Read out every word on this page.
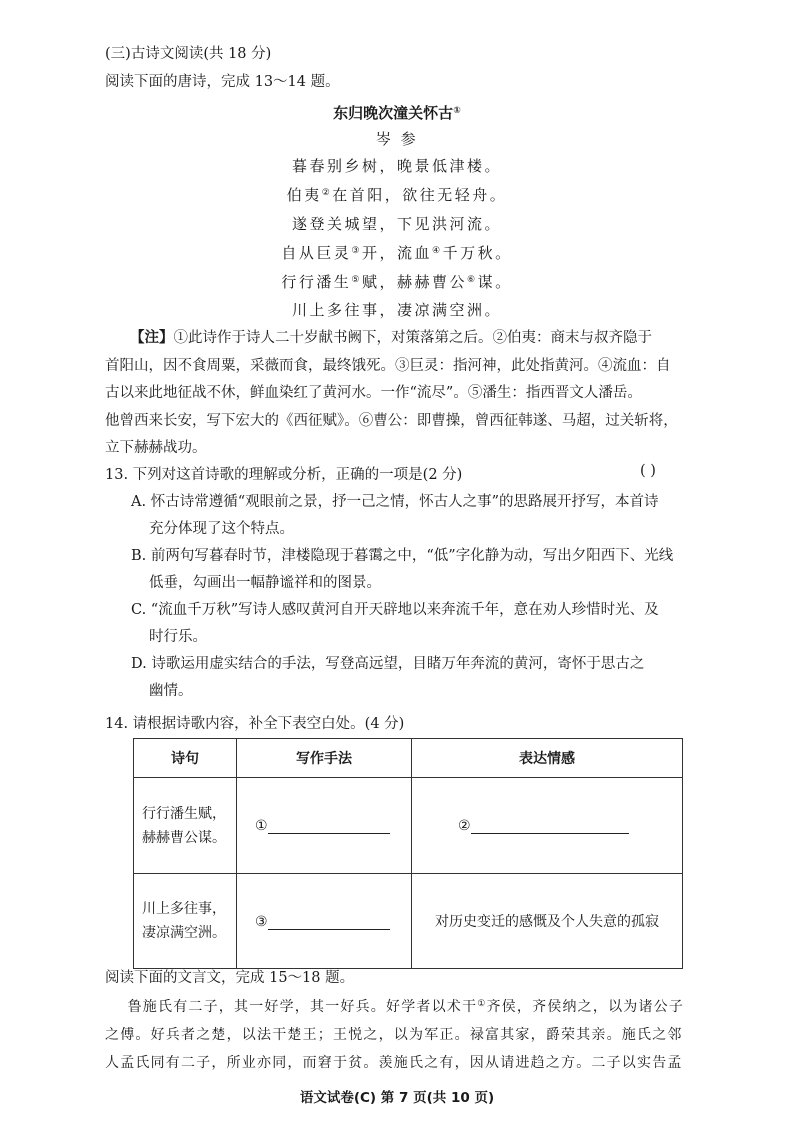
(三)古诗文阅读(共 18 分)
阅读下面的唐诗，完成 13～14 题。
东归晚次潼关怀古①
岑 参
暮春别乡树，晚景低津楼。
伯夷②在首阳，欲往无轻舟。
遂登关城望，下见洪河流。
自从巨灵③开，流血④千万秋。
行行潘生⑤赋，赫赫曹公⑥谋。
川上多往事，凄凉满空洲。
【注】①此诗作于诗人二十岁献书阙下，对策落第之后。②伯夷：商末与叔齐隐于
首阳山，因不食周粟，采薇而食，最终饿死。③巨灵：指河神，此处指黄河。④流血：自
古以来此地征战不休，鲜血染红了黄河水。一作“流尽”。⑤潘生：指西晋文人潘岳。
他曾西来长安，写下宏大的《西征赋》。⑥曹公：即曹操，曾西征韩遂、马超，过关斩将，
立下赫赫战功。
13. 下列对这首诗歌的理解或分析，正确的一项是(2 分)	( )
A. 怀古诗常遵循“观眼前之景，抒一己之情，怀古人之事”的思路展开抒写，本首诗
充分体现了这个特点。
B. 前两句写暮春时节，津楼隐现于暮霭之中，“低”字化静为动，写出夕阳西下、光线
低垂，勾画出一幅静谧祥和的图景。
C. “流血千万秋”写诗人感叹黄河自开天辟地以来奔流千年，意在劝人珍惜时光、及
时行乐。
D. 诗歌运用虚实结合的手法，写登高远望，目睹万年奔流的黄河，寄怀于思古之
幽情。
14. 请根据诗歌内容，补全下表空白处。(4 分)
诗句	写作手法	表达情感

行行潘生赋，
赫赫曹公谋。	①	②

川上多往事，
凄凉满空洲。	③	对历史变迁的感慨及个人失意的孤寂
阅读下面的文言文，完成 15～18 题。
鲁施氏有二子，其一好学，其一好兵。好学者以术干①齐侯，齐侯纳之，以为诸公子
之傅。好兵者之楚，以法干楚王；王悦之，以为军正。禄富其家，爵荣其亲。施氏之邻
人孟氏同有二子，所业亦同，而窘于贫。羡施氏之有，因从请进趋之方。二子以实告孟
语文试卷(C) 第 7 页(共 10 页)
